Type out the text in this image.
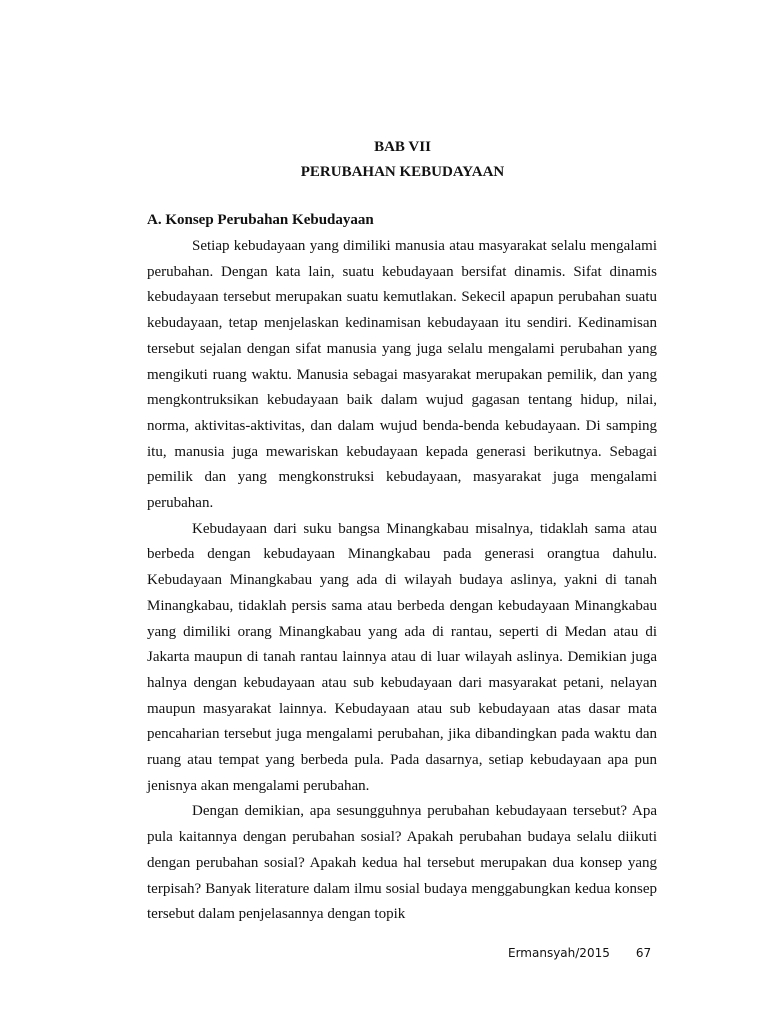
BAB VII
PERUBAHAN KEBUDAYAAN
A. Konsep Perubahan Kebudayaan

Setiap kebudayaan yang dimiliki manusia atau masyarakat selalu mengalami perubahan. Dengan kata lain, suatu kebudayaan bersifat dinamis. Sifat dinamis kebudayaan tersebut merupakan suatu kemutlakan. Sekecil apapun perubahan suatu kebudayaan, tetap menjelaskan kedinamisan kebudayaan itu sendiri. Kedinamisan tersebut sejalan dengan sifat manusia yang juga selalu mengalami perubahan yang mengikuti ruang waktu. Manusia sebagai masyarakat merupakan pemilik, dan yang mengkontruksikan kebudayaan baik dalam wujud gagasan tentang hidup, nilai, norma, aktivitas-aktivitas, dan dalam wujud benda-benda kebudayaan. Di samping itu, manusia juga mewariskan kebudayaan kepada generasi berikutnya. Sebagai pemilik dan yang mengkonstruksi kebudayaan, masyarakat juga mengalami perubahan.

Kebudayaan dari suku bangsa Minangkabau misalnya, tidaklah sama atau berbeda dengan kebudayaan Minangkabau pada generasi orangtua dahulu. Kebudayaan Minangkabau yang ada di wilayah budaya aslinya, yakni di tanah Minangkabau, tidaklah persis sama atau berbeda dengan kebudayaan Minangkabau yang dimiliki orang Minangkabau yang ada di rantau, seperti di Medan atau di Jakarta maupun di tanah rantau lainnya atau di luar wilayah aslinya. Demikian juga halnya dengan kebudayaan atau sub kebudayaan dari masyarakat petani, nelayan maupun masyarakat lainnya. Kebudayaan atau sub kebudayaan atas dasar mata pencaharian tersebut juga mengalami perubahan, jika dibandingkan pada waktu dan ruang atau tempat yang berbeda pula. Pada dasarnya, setiap kebudayaan apa pun jenisnya akan mengalami perubahan.

Dengan demikian, apa sesungguhnya perubahan kebudayaan tersebut? Apa pula kaitannya dengan perubahan sosial? Apakah perubahan budaya selalu diikuti dengan perubahan sosial? Apakah kedua hal tersebut merupakan dua konsep yang terpisah? Banyak literature dalam ilmu sosial budaya menggabungkan kedua konsep tersebut dalam penjelasannya dengan topik

Ermansyah/2015 67
